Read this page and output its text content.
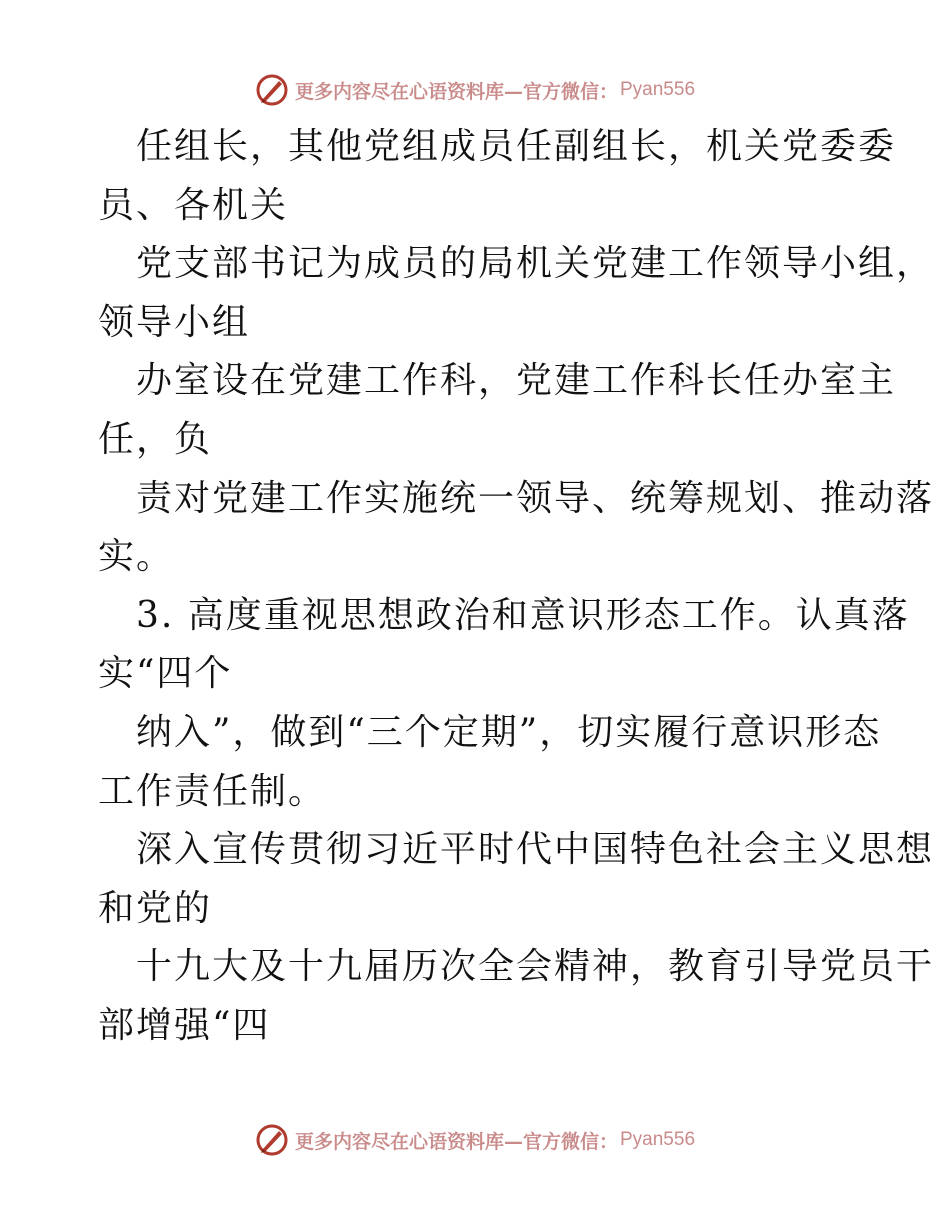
更多内容尽在心语资料库—官方微信： Pyan556
任组长，其他党组成员任副组长，机关党委委
员、各机关
党支部书记为成员的局机关党建工作领导小组，
领导小组
办室设在党建工作科，党建工作科长任办室主
任，负
责对党建工作实施统一领导、统筹规划、推动落
实。
3. 高度重视思想政治和意识形态工作。认真落
实“四个
纳入”，做到“三个定期”，切实履行意识形态
工作责任制。
深入宣传贯彻习近平时代中国特色社会主义思想
和党的
十九大及十九届历次全会精神，教育引导党员干
部增强“四
更多内容尽在心语资料库—官方微信： Pyan556
